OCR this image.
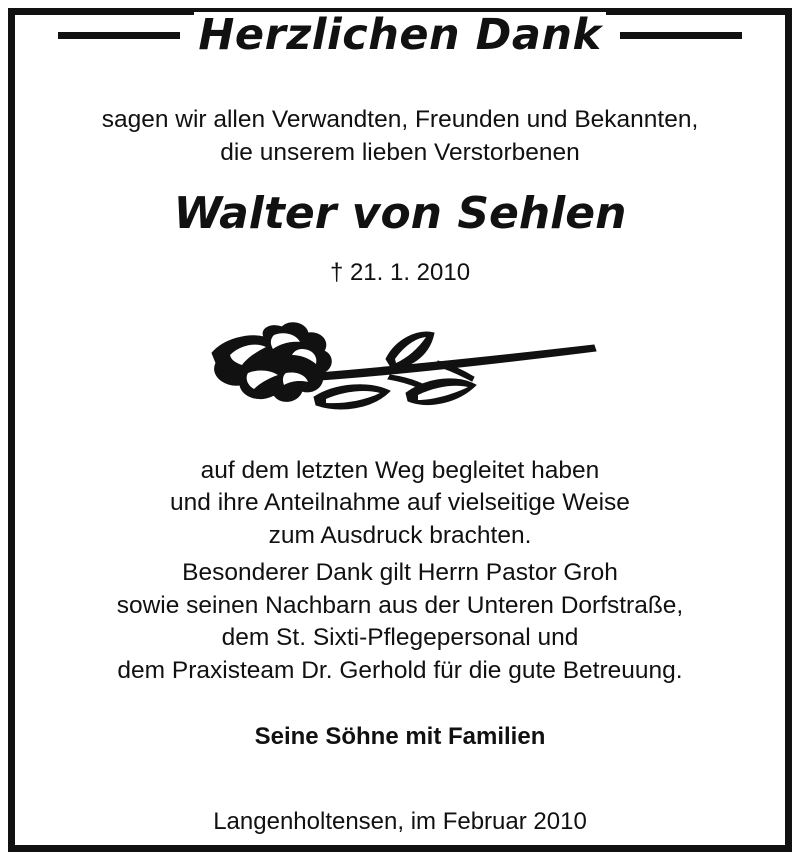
Herzlichen Dank
sagen wir allen Verwandten, Freunden und Bekannten,
die unserem lieben Verstorbenen
Walter von Sehlen
† 21. 1. 2010
auf dem letzten Weg begleitet haben
und ihre Anteilnahme auf vielseitige Weise
zum Ausdruck brachten.
Besonderer Dank gilt Herrn Pastor Groh
sowie seinen Nachbarn aus der Unteren Dorfstraße,
dem St. Sixti-Pflegepersonal und
dem Praxisteam Dr. Gerhold für die gute Betreuung.
Seine Söhne mit Familien
Langenholtensen, im Februar 2010
